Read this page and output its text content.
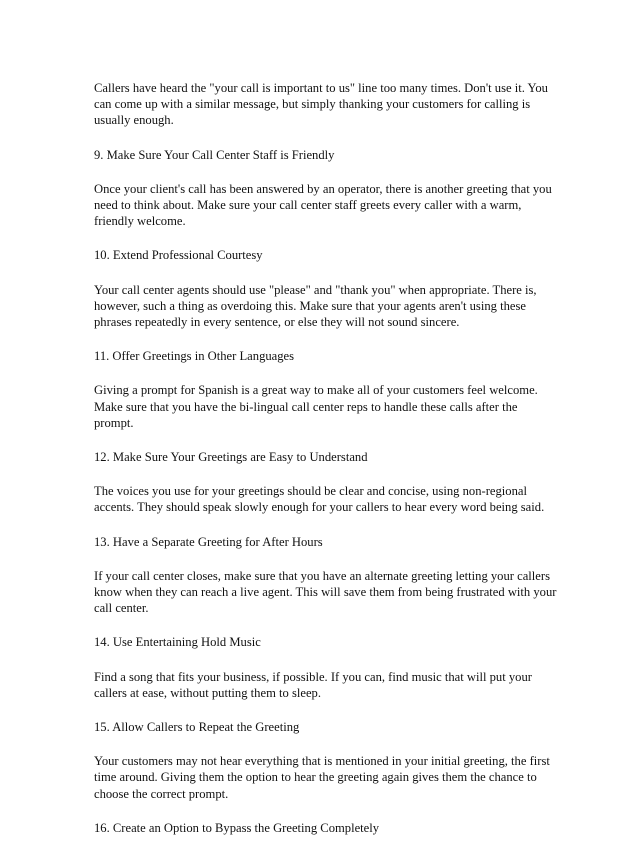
Callers have heard the "your call is important to us" line too many times. Don't use it. You can come up with a similar message, but simply thanking your customers for calling is usually enough.

9. Make Sure Your Call Center Staff is Friendly

Once your client's call has been answered by an operator, there is another greeting that you need to think about. Make sure your call center staff greets every caller with a warm, friendly welcome.

10. Extend Professional Courtesy

Your call center agents should use "please" and "thank you" when appropriate. There is, however, such a thing as overdoing this. Make sure that your agents aren't using these phrases repeatedly in every sentence, or else they will not sound sincere.

11. Offer Greetings in Other Languages

Giving a prompt for Spanish is a great way to make all of your customers feel welcome. Make sure that you have the bi-lingual call center reps to handle these calls after the prompt.

12. Make Sure Your Greetings are Easy to Understand

The voices you use for your greetings should be clear and concise, using non-regional accents. They should speak slowly enough for your callers to hear every word being said.

13. Have a Separate Greeting for After Hours

If your call center closes, make sure that you have an alternate greeting letting your callers know when they can reach a live agent. This will save them from being frustrated with your call center.

14. Use Entertaining Hold Music

Find a song that fits your business, if possible. If you can, find music that will put your callers at ease, without putting them to sleep.

15. Allow Callers to Repeat the Greeting

Your customers may not hear everything that is mentioned in your initial greeting, the first time around. Giving them the option to hear the greeting again gives them the chance to choose the correct prompt.

16. Create an Option to Bypass the Greeting Completely
